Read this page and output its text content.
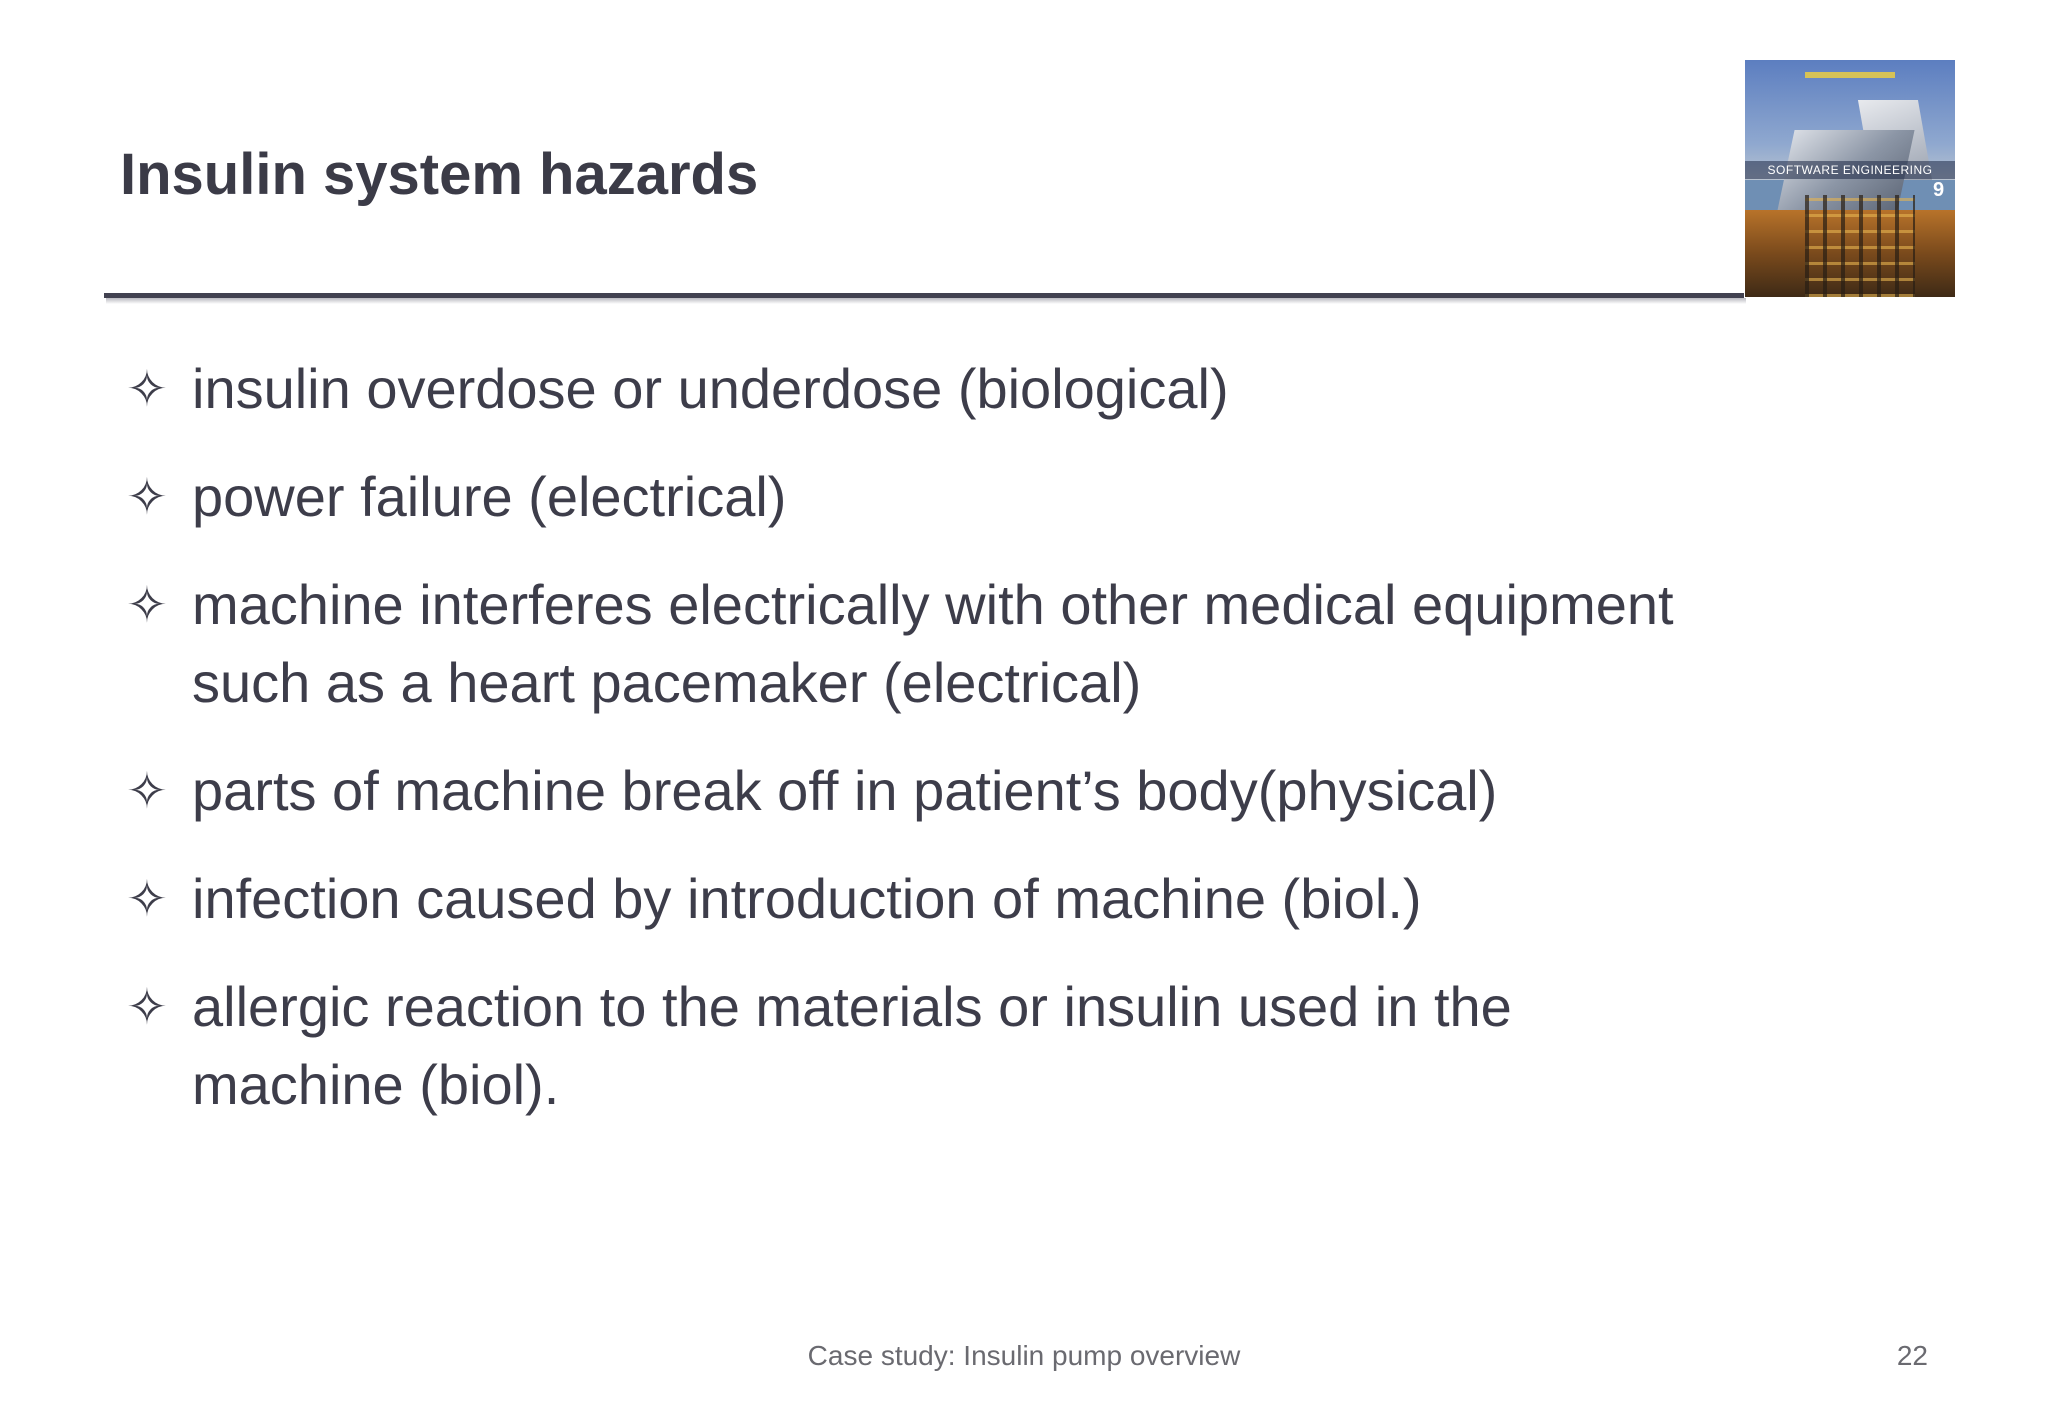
Insulin system hazards	SOFTWARE ENGINEERING
9
✧ insulin overdose or underdose (biological)
✧ power failure (electrical)
✧ machine interferes electrically with other medical equipment
such as a heart pacemaker (electrical)
✧ parts of machine break off in patient’s body(physical)
✧ infection caused by introduction of machine (biol.)
✧ allergic reaction to the materials or insulin used in the
machine (biol).
Case study: Insulin pump overview	22
